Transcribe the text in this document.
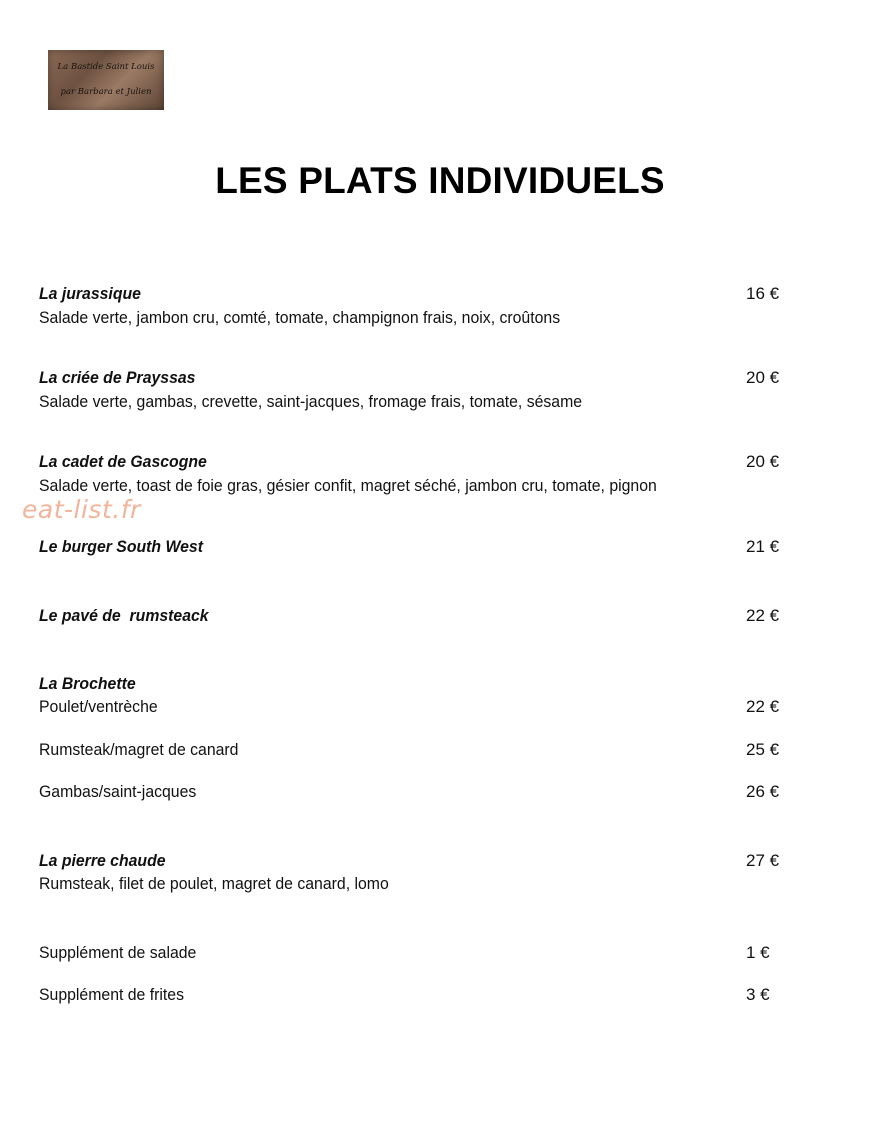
La Bastide Saint Louis
par Barbara et Julien
LES PLATS INDIVIDUELS
La jurassique	16 €
Salade verte, jambon cru, comté, tomate, champignon frais, noix, croûtons
La criée de Prayssas	20 €
Salade verte, gambas, crevette, saint-jacques, fromage frais, tomate, sésame
La cadet de Gascogne	20 €
Salade verte, toast de foie gras, gésier confit, magret séché, jambon cru, tomate, pignon
eat-list.fr
Le burger South West	21 €
Le pavé de  rumsteack	22 €
La Brochette
Poulet/ventrèche	22 €
Rumsteak/magret de canard	25 €
Gambas/saint-jacques	26 €
La pierre chaude	27 €
Rumsteak, filet de poulet, magret de canard, lomo
Supplément de salade	1 €
Supplément de frites	3 €
